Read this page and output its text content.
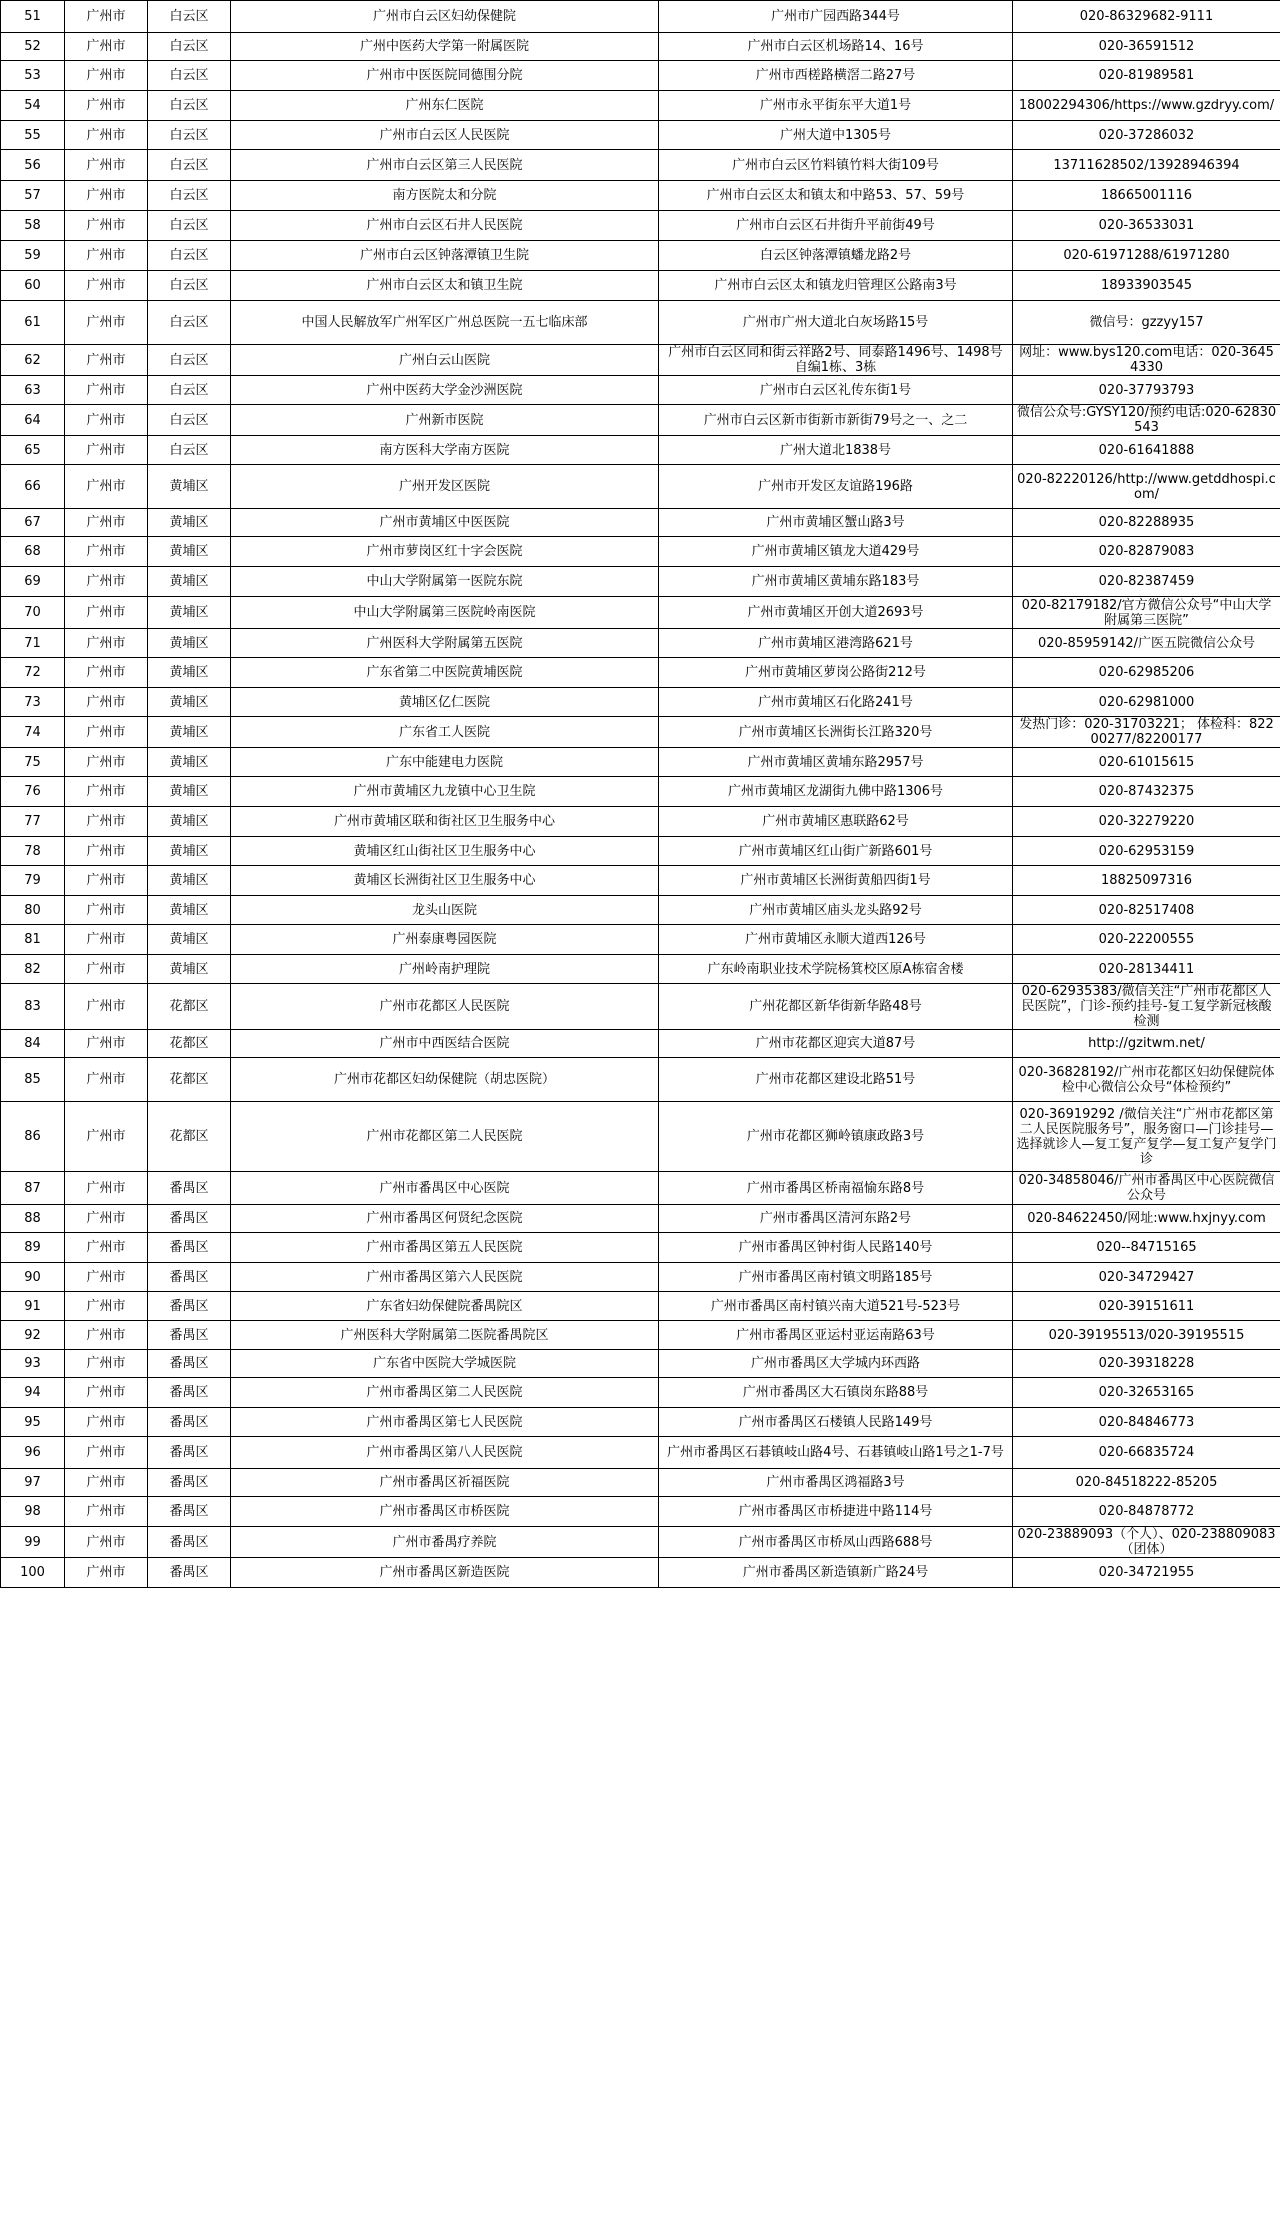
51	广州市	白云区	广州市白云区妇幼保健院	广州市广园西路344号	020-86329682-9111
52	广州市	白云区	广州中医药大学第一附属医院	广州市白云区机场路14、16号	020-36591512
53	广州市	白云区	广州市中医医院同德围分院	广州市西槎路横滘二路27号	020-81989581
54	广州市	白云区	广州东仁医院	广州市永平街东平大道1号	18002294306/https://www.gzdryy.com/
55	广州市	白云区	广州市白云区人民医院	广州大道中1305号	020-37286032
56	广州市	白云区	广州市白云区第三人民医院	广州市白云区竹料镇竹料大街109号	13711628502/13928946394
57	广州市	白云区	南方医院太和分院	广州市白云区太和镇太和中路53、57、59号	18665001116
58	广州市	白云区	广州市白云区石井人民医院	广州市白云区石井街升平前街49号	020-36533031
59	广州市	白云区	广州市白云区钟落潭镇卫生院	白云区钟落潭镇蟠龙路2号	020-61971288/61971280
60	广州市	白云区	广州市白云区太和镇卫生院	广州市白云区太和镇龙归管理区公路南3号	18933903545
61	广州市	白云区	中国人民解放军广州军区广州总医院一五七临床部	广州市广州大道北白灰场路15号	微信号：gzzyy157
62	广州市	白云区	广州白云山医院	广州市白云区同和街云祥路2号、同泰路1496号、1498号自编1栋、3栋	网址：www.bys120.com电话：020-36454330
63	广州市	白云区	广州中医药大学金沙洲医院	广州市白云区礼传东街1号	020-37793793
64	广州市	白云区	广州新市医院	广州市白云区新市街新市新街79号之一、之二	微信公众号:GYSY120/预约电话:020-62830543
65	广州市	白云区	南方医科大学南方医院	广州大道北1838号	020-61641888
66	广州市	黄埔区	广州开发区医院	广州市开发区友谊路196路	020-82220126/http://www.getddhospi.com/
67	广州市	黄埔区	广州市黄埔区中医医院	广州市黄埔区蟹山路3号	020-82288935
68	广州市	黄埔区	广州市萝岗区红十字会医院	广州市黄埔区镇龙大道429号	020-82879083
69	广州市	黄埔区	中山大学附属第一医院东院	广州市黄埔区黄埔东路183号	020-82387459
70	广州市	黄埔区	中山大学附属第三医院岭南医院	广州市黄埔区开创大道2693号	020-82179182/官方微信公众号“中山大学附属第三医院”
71	广州市	黄埔区	广州医科大学附属第五医院	广州市黄埔区港湾路621号	020-85959142/广医五院微信公众号
72	广州市	黄埔区	广东省第二中医院黄埔医院	广州市黄埔区萝岗公路街212号	020-62985206
73	广州市	黄埔区	黄埔区亿仁医院	广州市黄埔区石化路241号	020-62981000
74	广州市	黄埔区	广东省工人医院	广州市黄埔区长洲街长江路320号	发热门诊：020-31703221； 体检科：82200277/82200177
75	广州市	黄埔区	广东中能建电力医院	广州市黄埔区黄埔东路2957号	020-61015615
76	广州市	黄埔区	广州市黄埔区九龙镇中心卫生院	广州市黄埔区龙湖街九佛中路1306号	020-87432375
77	广州市	黄埔区	广州市黄埔区联和街社区卫生服务中心	广州市黄埔区惠联路62号	020-32279220
78	广州市	黄埔区	黄埔区红山街社区卫生服务中心	广州市黄埔区红山街广新路601号	020-62953159
79	广州市	黄埔区	黄埔区长洲街社区卫生服务中心	广州市黄埔区长洲街黄船四街1号	18825097316
80	广州市	黄埔区	龙头山医院	广州市黄埔区庙头龙头路92号	020-82517408
81	广州市	黄埔区	广州泰康粤园医院	广州市黄埔区永顺大道西126号	020-22200555
82	广州市	黄埔区	广州岭南护理院	广东岭南职业技术学院杨箕校区原A栋宿舍楼	020-28134411
83	广州市	花都区	广州市花都区人民医院	广州花都区新华街新华路48号	020-62935383/微信关注“广州市花都区人民医院”，门诊-预约挂号-复工复学新冠核酸检测
84	广州市	花都区	广州市中西医结合医院	广州市花都区迎宾大道87号	http://gzitwm.net/
85	广州市	花都区	广州市花都区妇幼保健院（胡忠医院）	广州市花都区建设北路51号	020-36828192/广州市花都区妇幼保健院体检中心微信公众号“体检预约”
86	广州市	花都区	广州市花都区第二人民医院	广州市花都区狮岭镇康政路3号	020-36919292 /微信关注“广州市花都区第二人民医院服务号”，服务窗口—门诊挂号—选择就诊人—复工复产复学—复工复产复学门诊
87	广州市	番禺区	广州市番禺区中心医院	广州市番禺区桥南福愉东路8号	020-34858046/广州市番禺区中心医院微信公众号
88	广州市	番禺区	广州市番禺区何贤纪念医院	广州市番禺区清河东路2号	020-84622450/网址:www.hxjnyy.com
89	广州市	番禺区	广州市番禺区第五人民医院	广州市番禺区钟村街人民路140号	020--84715165
90	广州市	番禺区	广州市番禺区第六人民医院	广州市番禺区南村镇文明路185号	020-34729427
91	广州市	番禺区	广东省妇幼保健院番禺院区	广州市番禺区南村镇兴南大道521号-523号	020-39151611
92	广州市	番禺区	广州医科大学附属第二医院番禺院区	广州市番禺区亚运村亚运南路63号	020-39195513/020-39195515
93	广州市	番禺区	广东省中医院大学城医院	广州市番禺区大学城内环西路	020-39318228
94	广州市	番禺区	广州市番禺区第二人民医院	广州市番禺区大石镇岗东路88号	020-32653165
95	广州市	番禺区	广州市番禺区第七人民医院	广州市番禺区石楼镇人民路149号	020-84846773
96	广州市	番禺区	广州市番禺区第八人民医院	广州市番禺区石碁镇岐山路4号、石碁镇岐山路1号之1-7号	020-66835724
97	广州市	番禺区	广州市番禺区祈福医院	广州市番禺区鸿福路3号	020-84518222-85205
98	广州市	番禺区	广州市番禺区市桥医院	广州市番禺区市桥捷进中路114号	020-84878772
99	广州市	番禺区	广州市番禺疗养院	广州市番禺区市桥凤山西路688号	020-23889093（个人）、020-238809083（团体）
100	广州市	番禺区	广州市番禺区新造医院	广州市番禺区新造镇新广路24号	020-34721955
